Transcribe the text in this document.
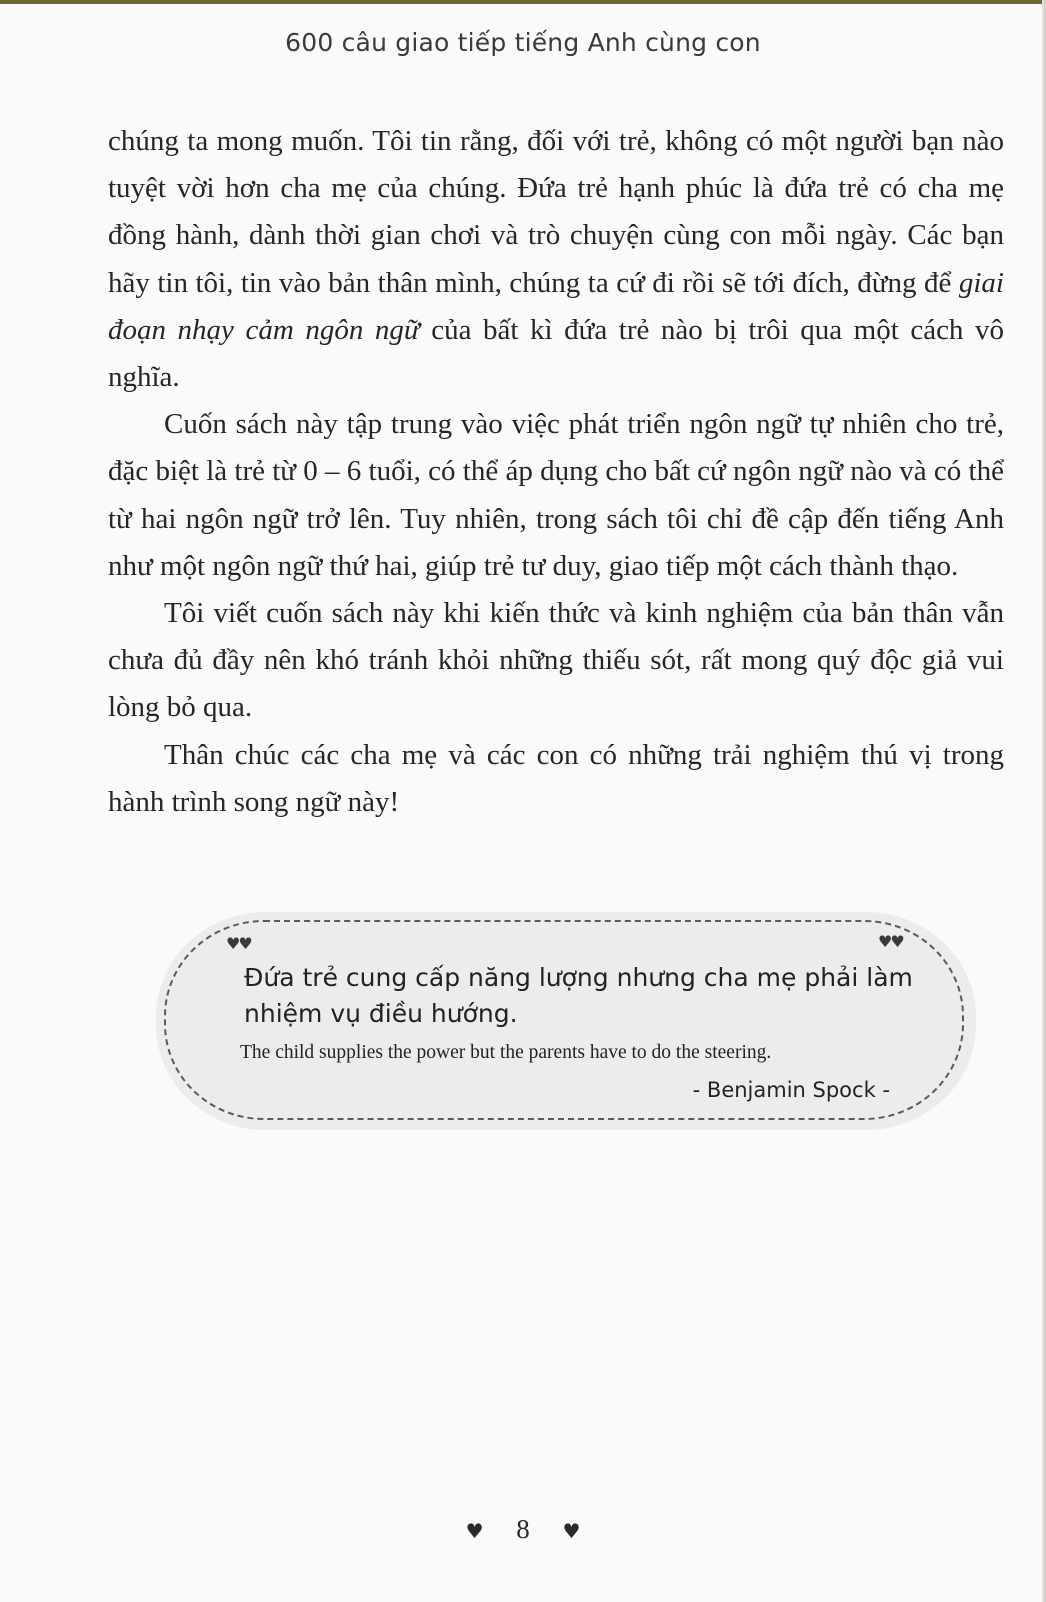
600 câu giao tiếp tiếng Anh cùng con

chúng ta mong muốn. Tôi tin rằng, đối với trẻ, không có một người bạn nào tuyệt vời hơn cha mẹ của chúng. Đứa trẻ hạnh phúc là đứa trẻ có cha mẹ đồng hành, dành thời gian chơi và trò chuyện cùng con mỗi ngày. Các bạn hãy tin tôi, tin vào bản thân mình, chúng ta cứ đi rồi sẽ tới đích, đừng để giai đoạn nhạy cảm ngôn ngữ của bất kì đứa trẻ nào bị trôi qua một cách vô nghĩa.

Cuốn sách này tập trung vào việc phát triển ngôn ngữ tự nhiên cho trẻ, đặc biệt là trẻ từ 0 – 6 tuổi, có thể áp dụng cho bất cứ ngôn ngữ nào và có thể từ hai ngôn ngữ trở lên. Tuy nhiên, trong sách tôi chỉ đề cập đến tiếng Anh như một ngôn ngữ thứ hai, giúp trẻ tư duy, giao tiếp một cách thành thạo.

Tôi viết cuốn sách này khi kiến thức và kinh nghiệm của bản thân vẫn chưa đủ đầy nên khó tránh khỏi những thiếu sót, rất mong quý độc giả vui lòng bỏ qua.

Thân chúc các cha mẹ và các con có những trải nghiệm thú vị trong hành trình song ngữ này!

♥♥	♥♥
Đứa trẻ cung cấp năng lượng nhưng cha mẹ phải làm nhiệm vụ điều hướng.
The child supplies the power but the parents have to do the steering.
- Benjamin Spock -
♥ 8 ♥
